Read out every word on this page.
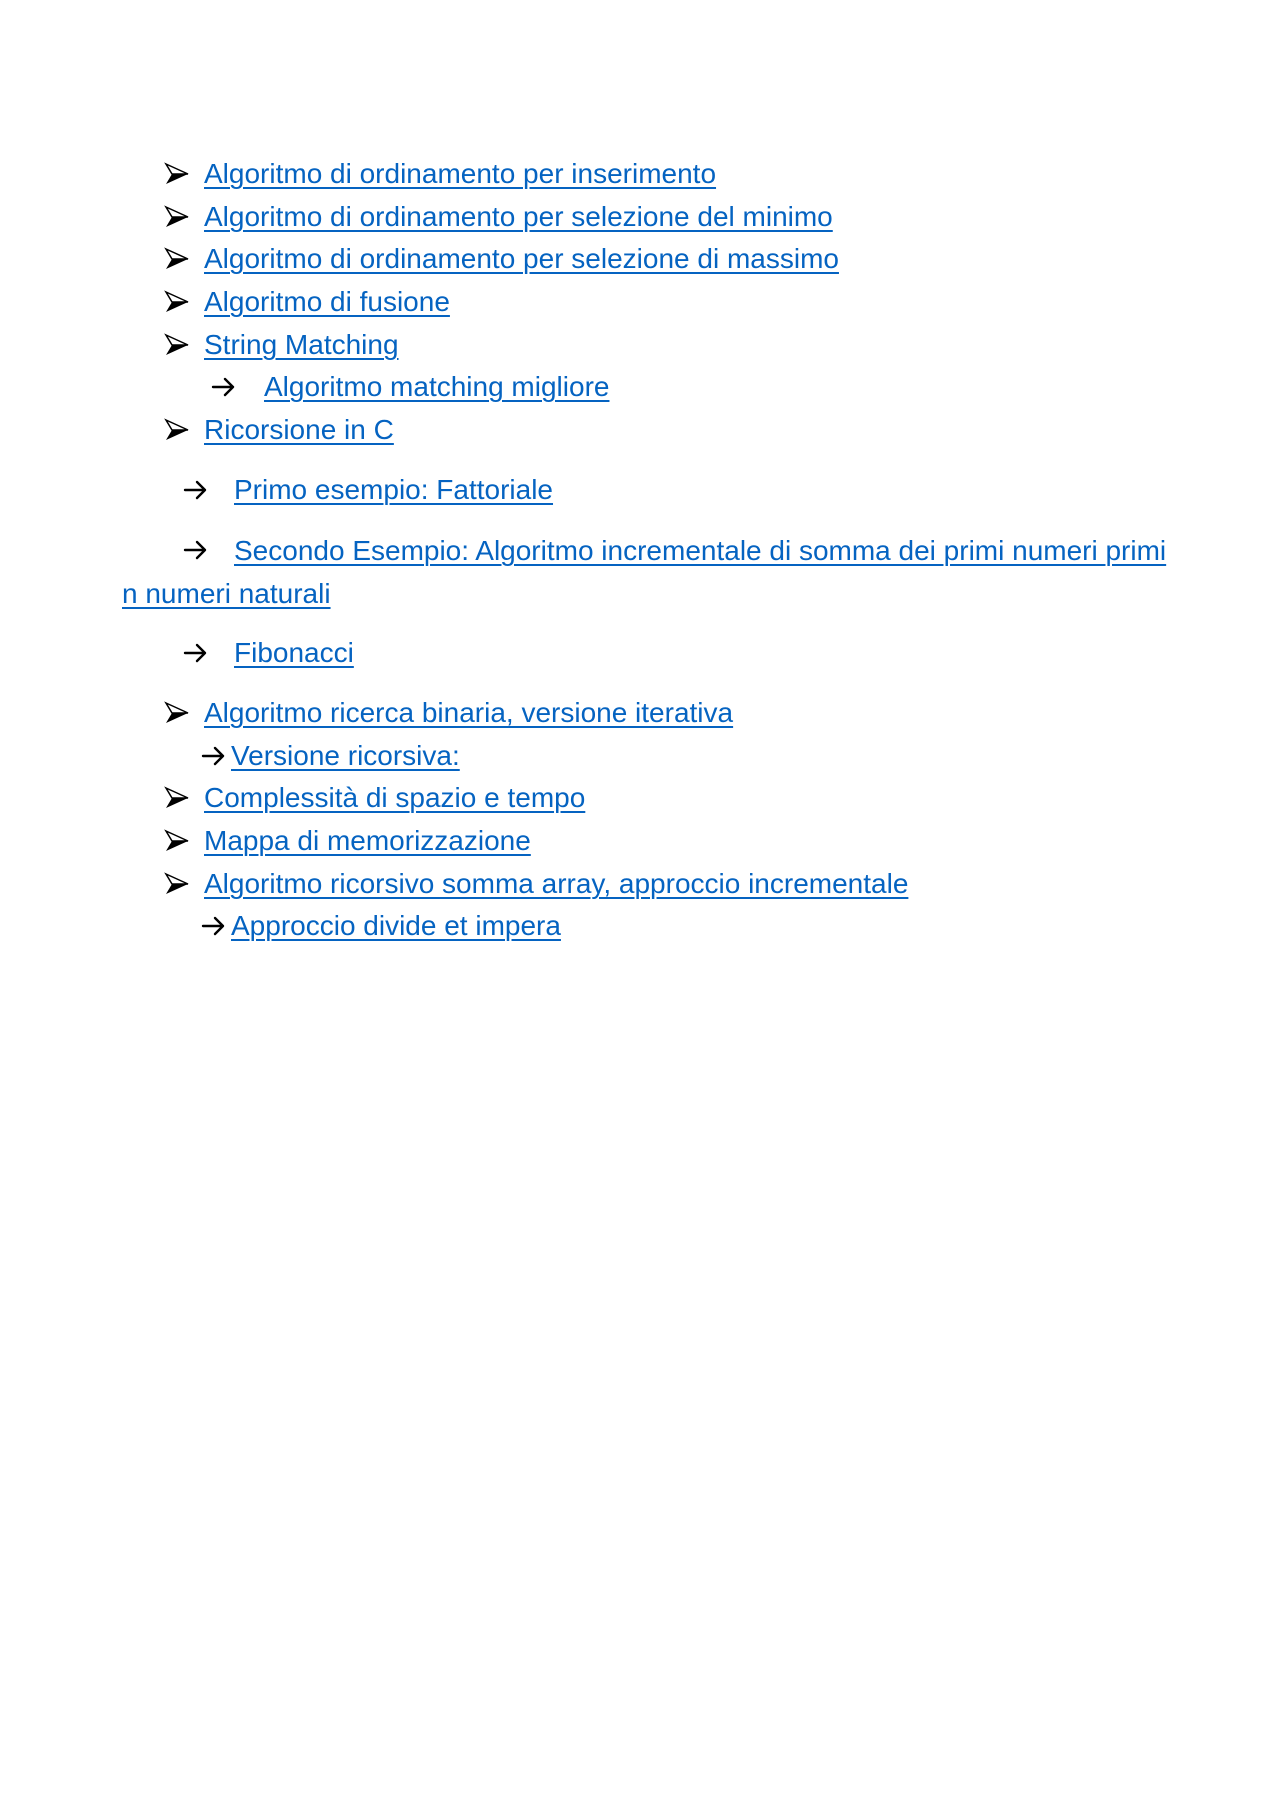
Algoritmo di ordinamento per inserimento
Algoritmo di ordinamento per selezione del minimo
Algoritmo di ordinamento per selezione di massimo
Algoritmo di fusione
String Matching
Algoritmo matching migliore
Ricorsione in C
Primo esempio: Fattoriale
Secondo Esempio: Algoritmo incrementale di somma dei primi numeri primi n numeri naturali
Fibonacci
Algoritmo ricerca binaria, versione iterativa
Versione ricorsiva:
Complessità di spazio e tempo
Mappa di memorizzazione
Algoritmo ricorsivo somma array, approccio incrementale
Approccio divide et impera
